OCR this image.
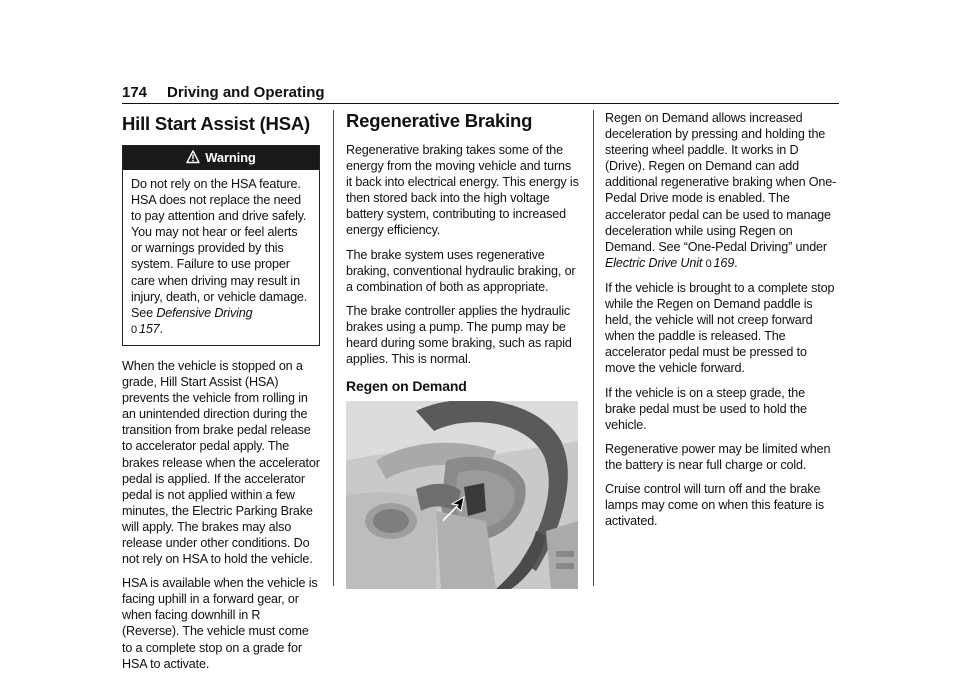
174 Driving and Operating
Hill Start Assist (HSA)
Warning
Do not rely on the HSA feature. HSA does not replace the need to pay attention and drive safely. You may not hear or feel alerts or warnings provided by this system. Failure to use proper care when driving may result in injury, death, or vehicle damage. See Defensive Driving
0 157.

When the vehicle is stopped on a grade, Hill Start Assist (HSA) prevents the vehicle from rolling in an unintended direction during the transition from brake pedal release to accelerator pedal apply. The brakes release when the accelerator pedal is applied. If the accelerator pedal is not applied within a few minutes, the Electric Parking Brake will apply. The brakes may also release under other conditions. Do not rely on HSA to hold the vehicle.

HSA is available when the vehicle is facing uphill in a forward gear, or when facing downhill in R (Reverse). The vehicle must come to a complete stop on a grade for HSA to activate.

Regenerative Braking

Regenerative braking takes some of the energy from the moving vehicle and turns it back into electrical energy. This energy is then stored back into the high voltage battery system, contributing to increased energy efficiency.

The brake system uses regenerative braking, conventional hydraulic braking, or a combination of both as appropriate.

The brake controller applies the hydraulic brakes using a pump. The pump may be heard during some braking, such as rapid applies. This is normal.

Regen on Demand

Regen on Demand allows increased deceleration by pressing and holding the steering wheel paddle. It works in D (Drive). Regen on Demand can add additional regenerative braking when One-Pedal Drive mode is enabled. The accelerator pedal can be used to manage deceleration while using Regen on Demand. See “One-Pedal Driving” under Electric Drive Unit 0 169.

If the vehicle is brought to a complete stop while the Regen on Demand paddle is held, the vehicle will not creep forward when the paddle is released. The accelerator pedal must be pressed to move the vehicle forward.

If the vehicle is on a steep grade, the brake pedal must be used to hold the vehicle.

Regenerative power may be limited when the battery is near full charge or cold.

Cruise control will turn off and the brake lamps may come on when this feature is activated.
